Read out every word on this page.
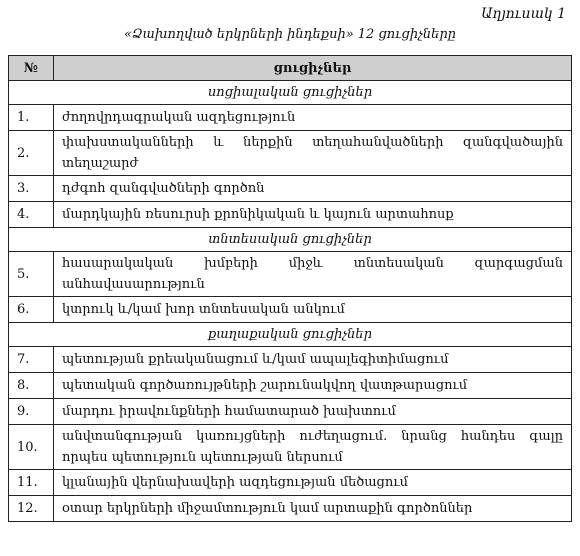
Աղյուսակ 1
«Ձախողված երկրների ինդեքսի» 12 ցուցիչները
№	ցուցիչներ
սոցիալական ցուցիչներ	
1.	ժողովրդագրական ազդեցություն
2.	փախստականների և ներքին տեղահանվածների զանգվածային տեղաշարժ
3.	դժգոհ զանգվածների գործոն
4.	մարդկային ռեսուրսի քրոնիկական և կայուն արտահոսք
տնտեսական ցուցիչներ	
5.	հասարակական խմբերի միջև տնտեսական զարգացման անհավասարություն
6.	կտրուկ և/կամ խոր տնտեսական անկում
քաղաքական ցուցիչներ	
7.	պետության քրեականացում և/կամ ապալեգիտիմացում
8.	պետական գործառույթների շարունակվող վատթարացում
9.	մարդու իրավունքների համատարած խախտում
10.	անվտանգության կառույցների ուժեղացում. նրանց հանդես գալը որպես պետություն պետության ներսում
11.	կլանային վերնախավերի ազդեցության մեծացում
12.	օտար երկրների միջամտություն կամ արտաքին գործոններ
